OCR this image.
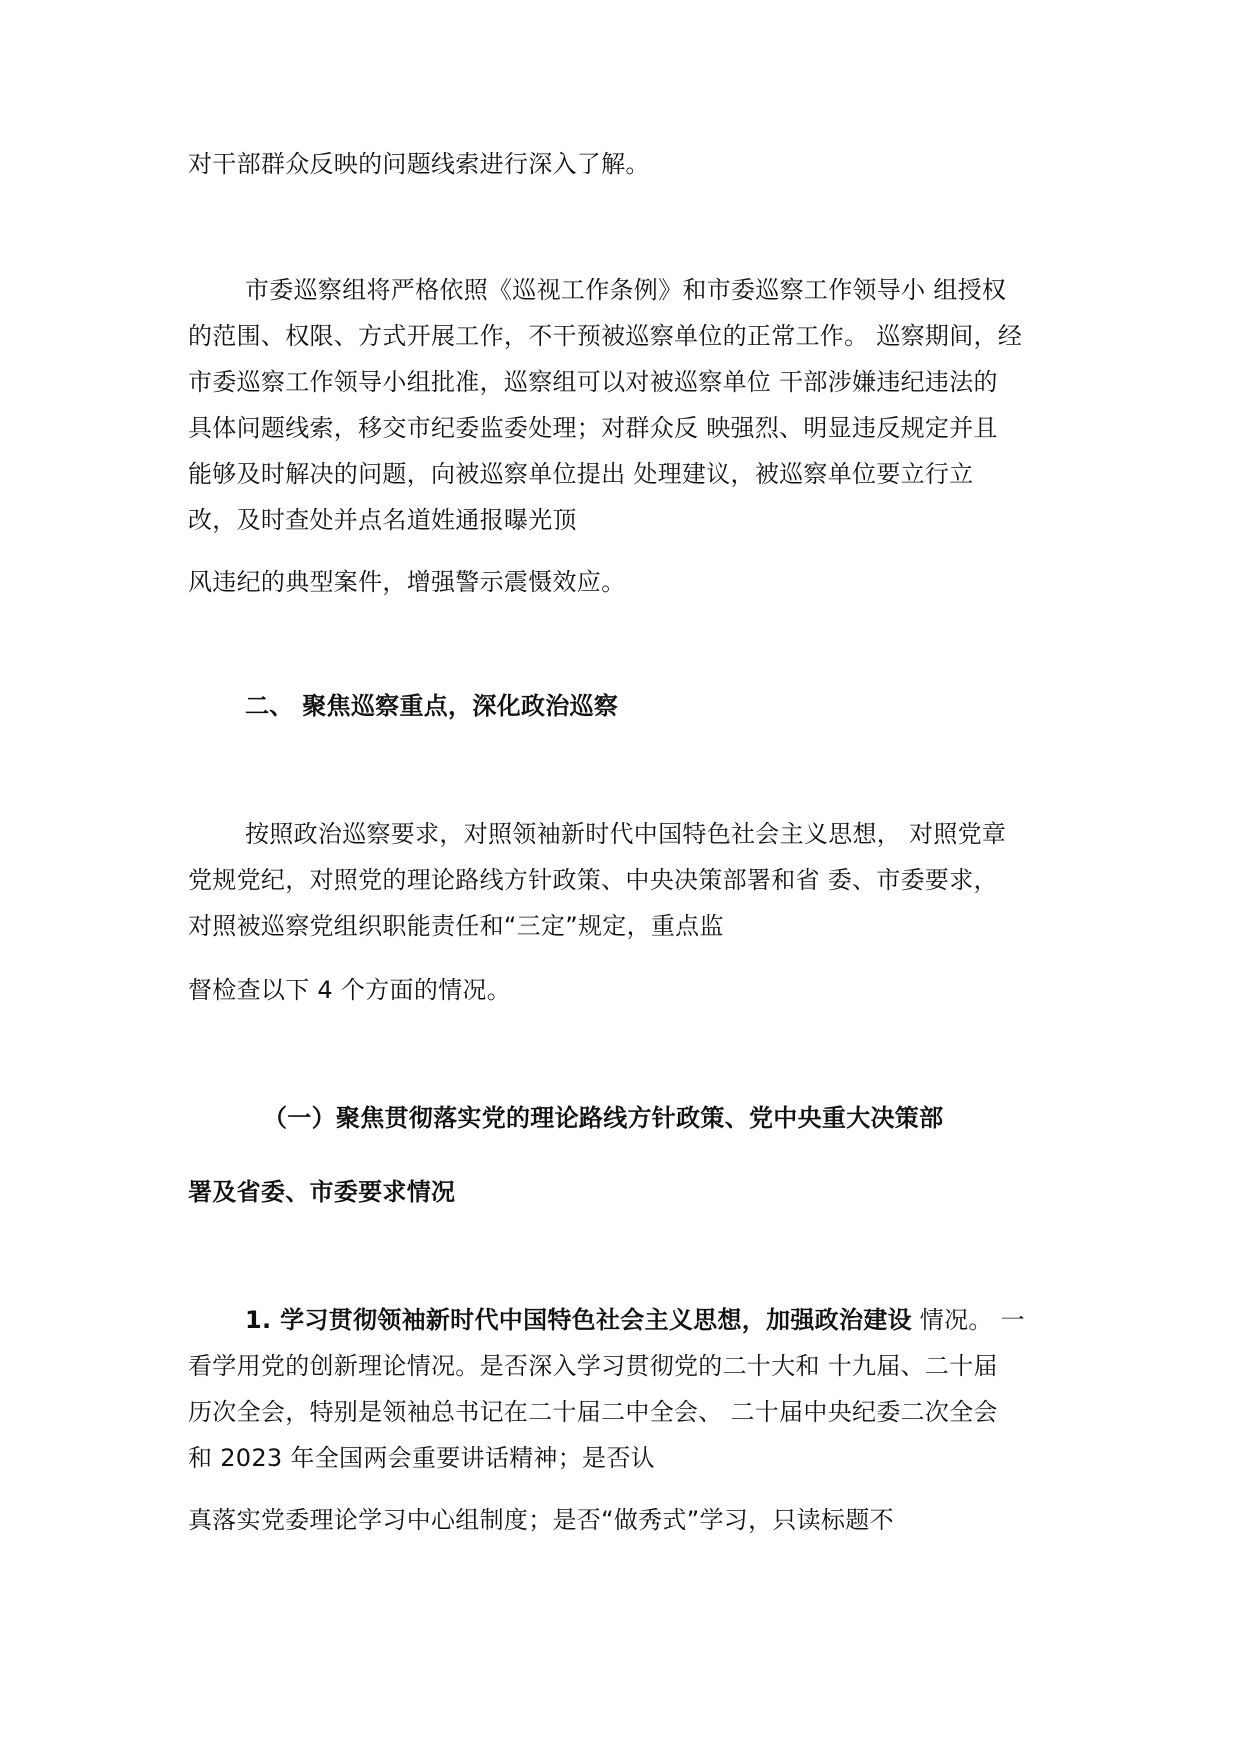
对干部群众反映的问题线索进行深入了解。
市委巡察组将严格依照《巡视工作条例》和市委巡察工作领导小 组授权
的范围、权限、方式开展工作，不干预被巡察单位的正常工作。 巡察期间，经
市委巡察工作领导小组批准，巡察组可以对被巡察单位 干部涉嫌违纪违法的
具体问题线索，移交市纪委监委处理；对群众反 映强烈、明显违反规定并且
能够及时解决的问题，向被巡察单位提出 处理建议，被巡察单位要立行立
改，及时查处并点名道姓通报曝光顶
风违纪的典型案件，增强警示震慑效应。
二、 聚焦巡察重点，深化政治巡察
按照政治巡察要求，对照领袖新时代中国特色社会主义思想， 对照党章
党规党纪，对照党的理论路线方针政策、中央决策部署和省 委、市委要求，
对照被巡察党组织职能责任和“三定”规定，重点监
督检查以下 4 个方面的情况。
（一）聚焦贯彻落实党的理论路线方针政策、党中央重大决策部
署及省委、市委要求情况
1. 学习贯彻领袖新时代中国特色社会主义思想，加强政治建设 情况。 一
看学用党的创新理论情况。是否深入学习贯彻党的二十大和 十九届、二十届
历次全会，特别是领袖总书记在二十届二中全会、 二十届中央纪委二次全会
和 2023 年全国两会重要讲话精神；是否认
真落实党委理论学习中心组制度；是否“做秀式”学习，只读标题不
